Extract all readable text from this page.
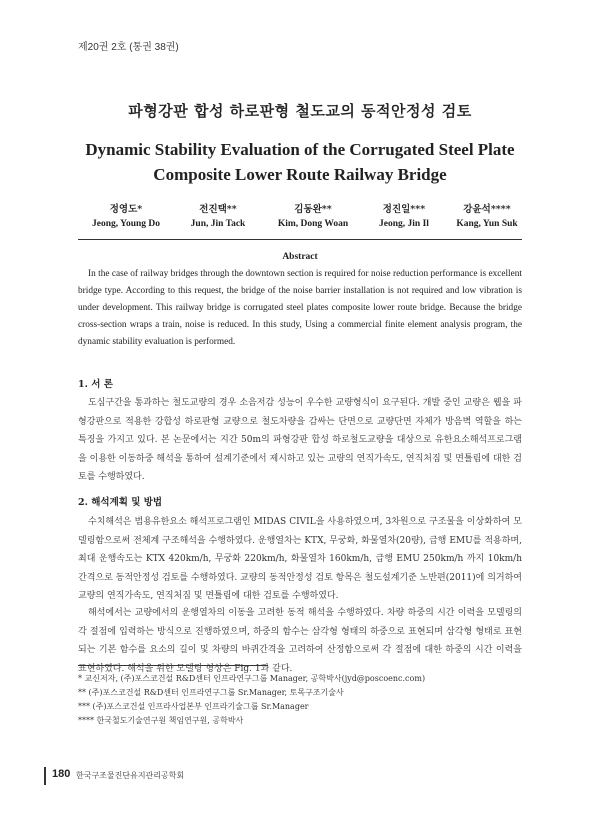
제20권 2호 (통권 38권)
파형강판 합성 하로판형 철도교의 동적안정성 검토
Dynamic Stability Evaluation of the Corrugated Steel Plate
Composite Lower Route Railway Bridge
정영도*
Jeong, Young Do
전진택**
Jun, Jin Tack
김동완**
Kim, Dong Woan
정진일***
Jeong, Jin Il
강윤석****
Kang, Yun Suk
Abstract
In the case of railway bridges through the downtown section is required for noise reduction performance is excellent bridge type. According to this request, the bridge of the noise barrier installation is not required and low vibration is under development. This railway bridge is corrugated steel plates composite lower route bridge. Because the bridge cross-section wraps a train, noise is reduced. In this study, Using a commercial finite element analysis program, the dynamic stability evaluation is performed.
1. 서 론
도심구간을 통과하는 철도교량의 경우 소음저감 성능이 우수한 교량형식이 요구된다. 개발 중인 교량은 웹을 파형강판으로 적용한 강합성 하로판형 교량으로 철도차량을 감싸는 단면으로 교량단면 자체가 방음벽 역할을 하는 특징을 가지고 있다. 본 논문에서는 지간 50m의 파형강판 합성 하로철도교량을 대상으로 유한요소해석프로그램을 이용한 이동하중 해석을 통하여 설계기준에서 제시하고 있는 교량의 연직가속도, 연직처짐 및 면틀림에 대한 검토를 수행하였다.
2. 해석계획 및 방법
수치해석은 범용유한요소 해석프로그램인 MIDAS CIVIL을 사용하였으며, 3차원으로 구조물을 이상화하여 모델링함으로써 전체계 구조해석을 수행하였다. 운행열차는 KTX, 무궁화, 화물열차(20량), 급행 EMU를 적용하며, 최대 운행속도는 KTX 420km/h, 무궁화 220km/h, 화물열차 160km/h, 급행 EMU 250km/h 까지 10km/h 간격으로 동적안정성 검토를 수행하였다. 교량의 동적안정성 검토 항목은 철도설계기준 노반편(2011)에 의거하여 교량의 연직가속도, 연직처짐 및 면틀림에 대한 검토를 수행하였다.
해석에서는 교량에서의 운행열차의 이동을 고려한 동적 해석을 수행하였다. 차량 하중의 시간 이력을 모델링의 각 절점에 입력하는 방식으로 진행하였으며, 하중의 함수는 삼각형 형태의 하중으로 표현되며 삼각형 형태로 표현되는 기본 함수를 요소의 길이 및 차량의 바퀴간격을 고려하여 산정함으로써 각 절점에 대한 하중의 시간 이력을 표현하였다. 해석을 위한 모델링 형상은 Fig. 1과 같다.
* 교신저자, (주)포스코건설 R&D센터 인프라연구그룹 Manager, 공학박사(jyd@poscoenc.com)
** (주)포스코건설 R&D센터 인프라연구그룹 Sr.Manager, 토목구조기술사
*** (주)포스코건설 인프라사업본부 인프라기술그룹 Sr.Manager
**** 한국철도기술연구원 책임연구원, 공학박사
180 한국구조물진단유지관리공학회
